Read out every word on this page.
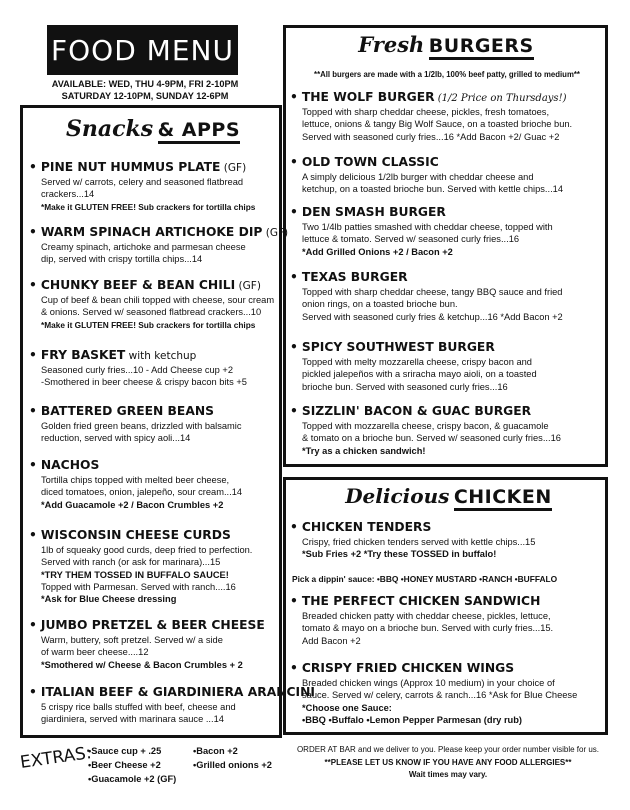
FOOD MENU
AVAILABLE: WED, THU 4-9PM, FRI 2-10PM
SATURDAY 12-10PM, SUNDAY 12-6PM
Snacks & APPS
• PINE NUT HUMMUS PLATE (GF)
Served w/ carrots, celery and seasoned flatbread
crackers...14
*Make it GLUTEN FREE! Sub crackers for tortilla chips
• WARM SPINACH ARTICHOKE DIP (GF)
Creamy spinach, artichoke and parmesan cheese
dip, served with crispy tortilla chips...14
• CHUNKY BEEF & BEAN CHILI (GF)
Cup of beef & bean chili topped with cheese, sour cream
& onions. Served w/ seasoned flatbread crackers...10
*Make it GLUTEN FREE! Sub crackers for tortilla chips
• FRY BASKET with ketchup
Seasoned curly fries...10 - Add Cheese cup +2
-Smothered in beer cheese & crispy bacon bits +5
• BATTERED GREEN BEANS
Golden fried green beans, drizzled with balsamic
reduction, served with spicy aoli...14
• NACHOS
Tortilla chips topped with melted beer cheese,
diced tomatoes, onion, jalepeño, sour cream...14
*Add Guacamole +2 / Bacon Crumbles +2
• WISCONSIN CHEESE CURDS
1lb of squeaky good curds, deep fried to perfection.
Served with ranch (or ask for marinara)...15
*TRY THEM TOSSED IN BUFFALO SAUCE!
Topped with Parmesan. Served with ranch....16
*Ask for Blue Cheese dressing
• JUMBO PRETZEL & BEER CHEESE
Warm, buttery, soft pretzel. Served w/ a side
of warm beer cheese....12
*Smothered w/ Cheese & Bacon Crumbles + 2
• ITALIAN BEEF & GIARDINIERA ARANCINI
5 crispy rice balls stuffed with beef, cheese and
giardiniera, served with marinara sauce ...14
Fresh BURGERS
**All burgers are made with a 1/2lb, 100% beef patty, grilled to medium**
• THE WOLF BURGER (1/2 Price on Thursdays!)
Topped with sharp cheddar cheese, pickles, fresh tomatoes,
lettuce, onions & tangy Big Wolf Sauce, on a toasted brioche bun.
Served with seasoned curly fries...16 *Add Bacon +2/ Guac +2
• OLD TOWN CLASSIC
A simply delicious 1/2lb burger with cheddar cheese and
ketchup, on a toasted brioche bun. Served with kettle chips...14
• DEN SMASH BURGER
Two 1/4lb patties smashed with cheddar cheese, topped with
lettuce & tomato. Served w/ seasoned curly fries...16
*Add Grilled Onions +2 / Bacon +2
• TEXAS BURGER
Topped with sharp cheddar cheese, tangy BBQ sauce and fried
onion rings, on a toasted brioche bun.
Served with seasoned curly fries & ketchup...16 *Add Bacon +2
• SPICY SOUTHWEST BURGER
Topped with melty mozzarella cheese, crispy bacon and
pickled jalepeños with a sriracha mayo aioli, on a toasted
brioche bun. Served with seasoned curly fries...16
• SIZZLIN' BACON & GUAC BURGER
Topped with mozzarella cheese, crispy bacon, & guacamole
& tomato on a brioche bun. Served w/ seasoned curly fries...16
*Try as a chicken sandwich!
Delicious CHICKEN
• CHICKEN TENDERS
Crispy, fried chicken tenders served with kettle chips...15
*Sub Fries +2 *Try these TOSSED in buffalo!
• THE PERFECT CHICKEN SANDWICH
Breaded chicken patty with cheddar cheese, pickles, lettuce,
tomato & mayo on a brioche bun. Served with curly fries...15.
Add Bacon +2
• CRISPY FRIED CHICKEN WINGS
Breaded chicken wings (Approx 10 medium) in your choice of
sauce. Served w/ celery, carrots & ranch...16 *Ask for Blue Cheese
*Choose one Sauce:
•BBQ •Buffalo •Lemon Pepper Parmesan (dry rub)
Pick a dippin' sauce: •BBQ •HONEY MUSTARD •RANCH •BUFFALO
EXTRAS:
•Sauce cup + .25
•Beer Cheese +2
•Guacamole +2 (GF)
•Bacon +2
•Grilled onions +2
ORDER AT BAR and we deliver to you. Please keep your order number visible for us.
**PLEASE LET US KNOW IF YOU HAVE ANY FOOD ALLERGIES**
Wait times may vary.
